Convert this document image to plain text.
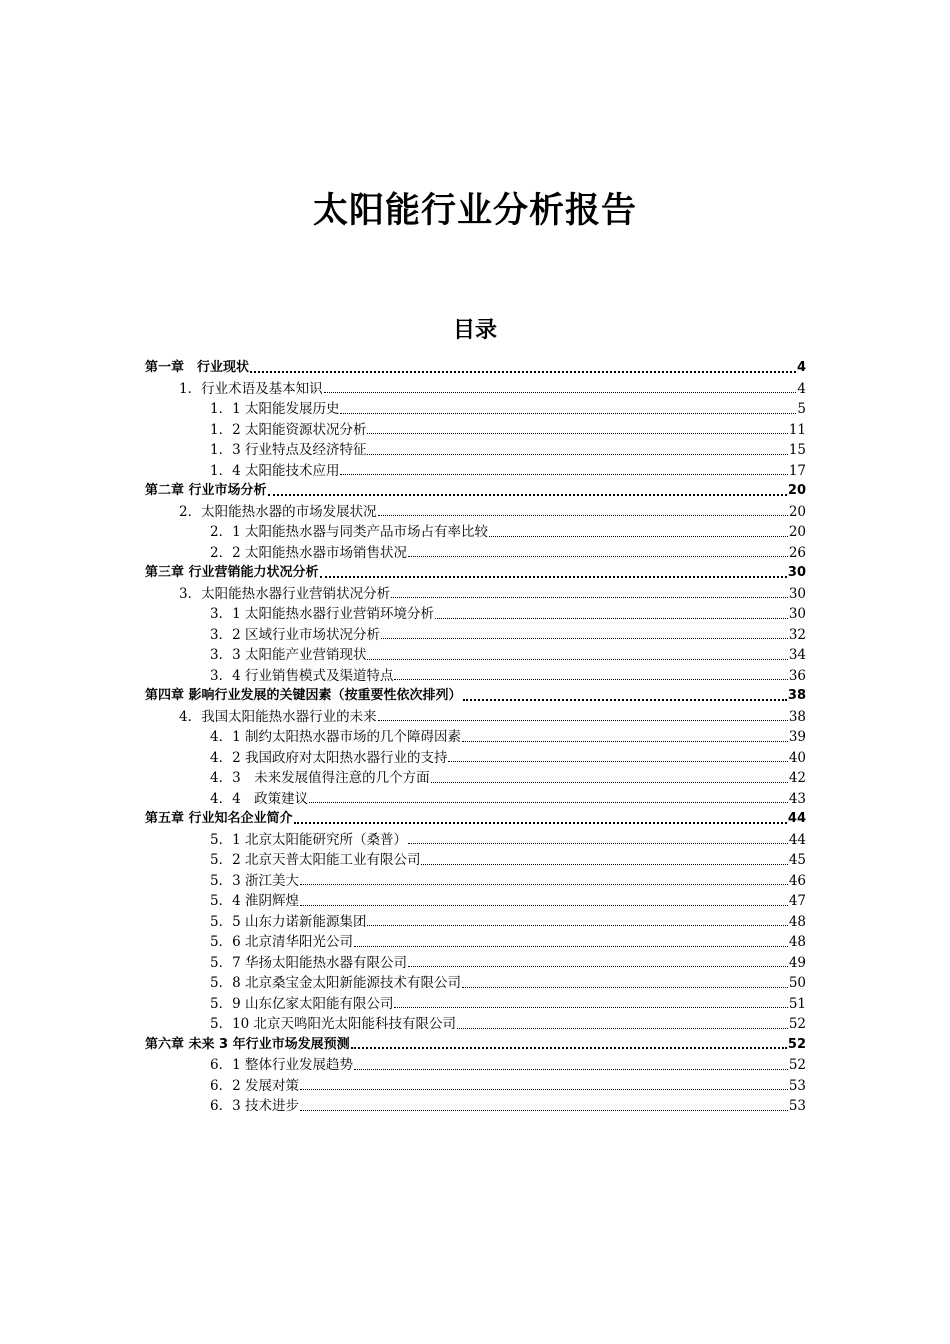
太阳能行业分析报告
目录
第一章　行业现状	4
1．行业术语及基本知识	4
1．1 太阳能发展历史	5
1．2 太阳能资源状况分析	11
1．3 行业特点及经济特征	15
1．4 太阳能技术应用	17
第二章 行业市场分析	20
2．太阳能热水器的市场发展状况	20
2．1 太阳能热水器与同类产品市场占有率比较	20
2．2 太阳能热水器市场销售状况	26
第三章 行业营销能力状况分析	30
3．太阳能热水器行业营销状况分析	30
3．1 太阳能热水器行业营销环境分析	30
3．2 区域行业市场状况分析	32
3．3 太阳能产业营销现状	34
3．4 行业销售模式及渠道特点	36
第四章 影响行业发展的关键因素（按重要性依次排列）	38
4．我国太阳能热水器行业的未来	38
4．1 制约太阳热水器市场的几个障碍因素	39
4．2 我国政府对太阳热水器行业的支持	40
4．3　未来发展值得注意的几个方面	42
4．4　政策建议	43
第五章 行业知名企业简介	44
5．1 北京太阳能研究所（桑普）	44
5．2 北京天普太阳能工业有限公司	45
5．3 浙江美大	46
5．4 淮阴辉煌	47
5．5 山东力诺新能源集团	48
5．6 北京清华阳光公司	48
5．7 华扬太阳能热水器有限公司	49
5．8 北京桑宝金太阳新能源技术有限公司	50
5．9 山东亿家太阳能有限公司	51
5．10 北京天鸣阳光太阳能科技有限公司	52
第六章 未来 3 年行业市场发展预测	52
6．1 整体行业发展趋势	52
6．2 发展对策	53
6．3 技术进步	53
